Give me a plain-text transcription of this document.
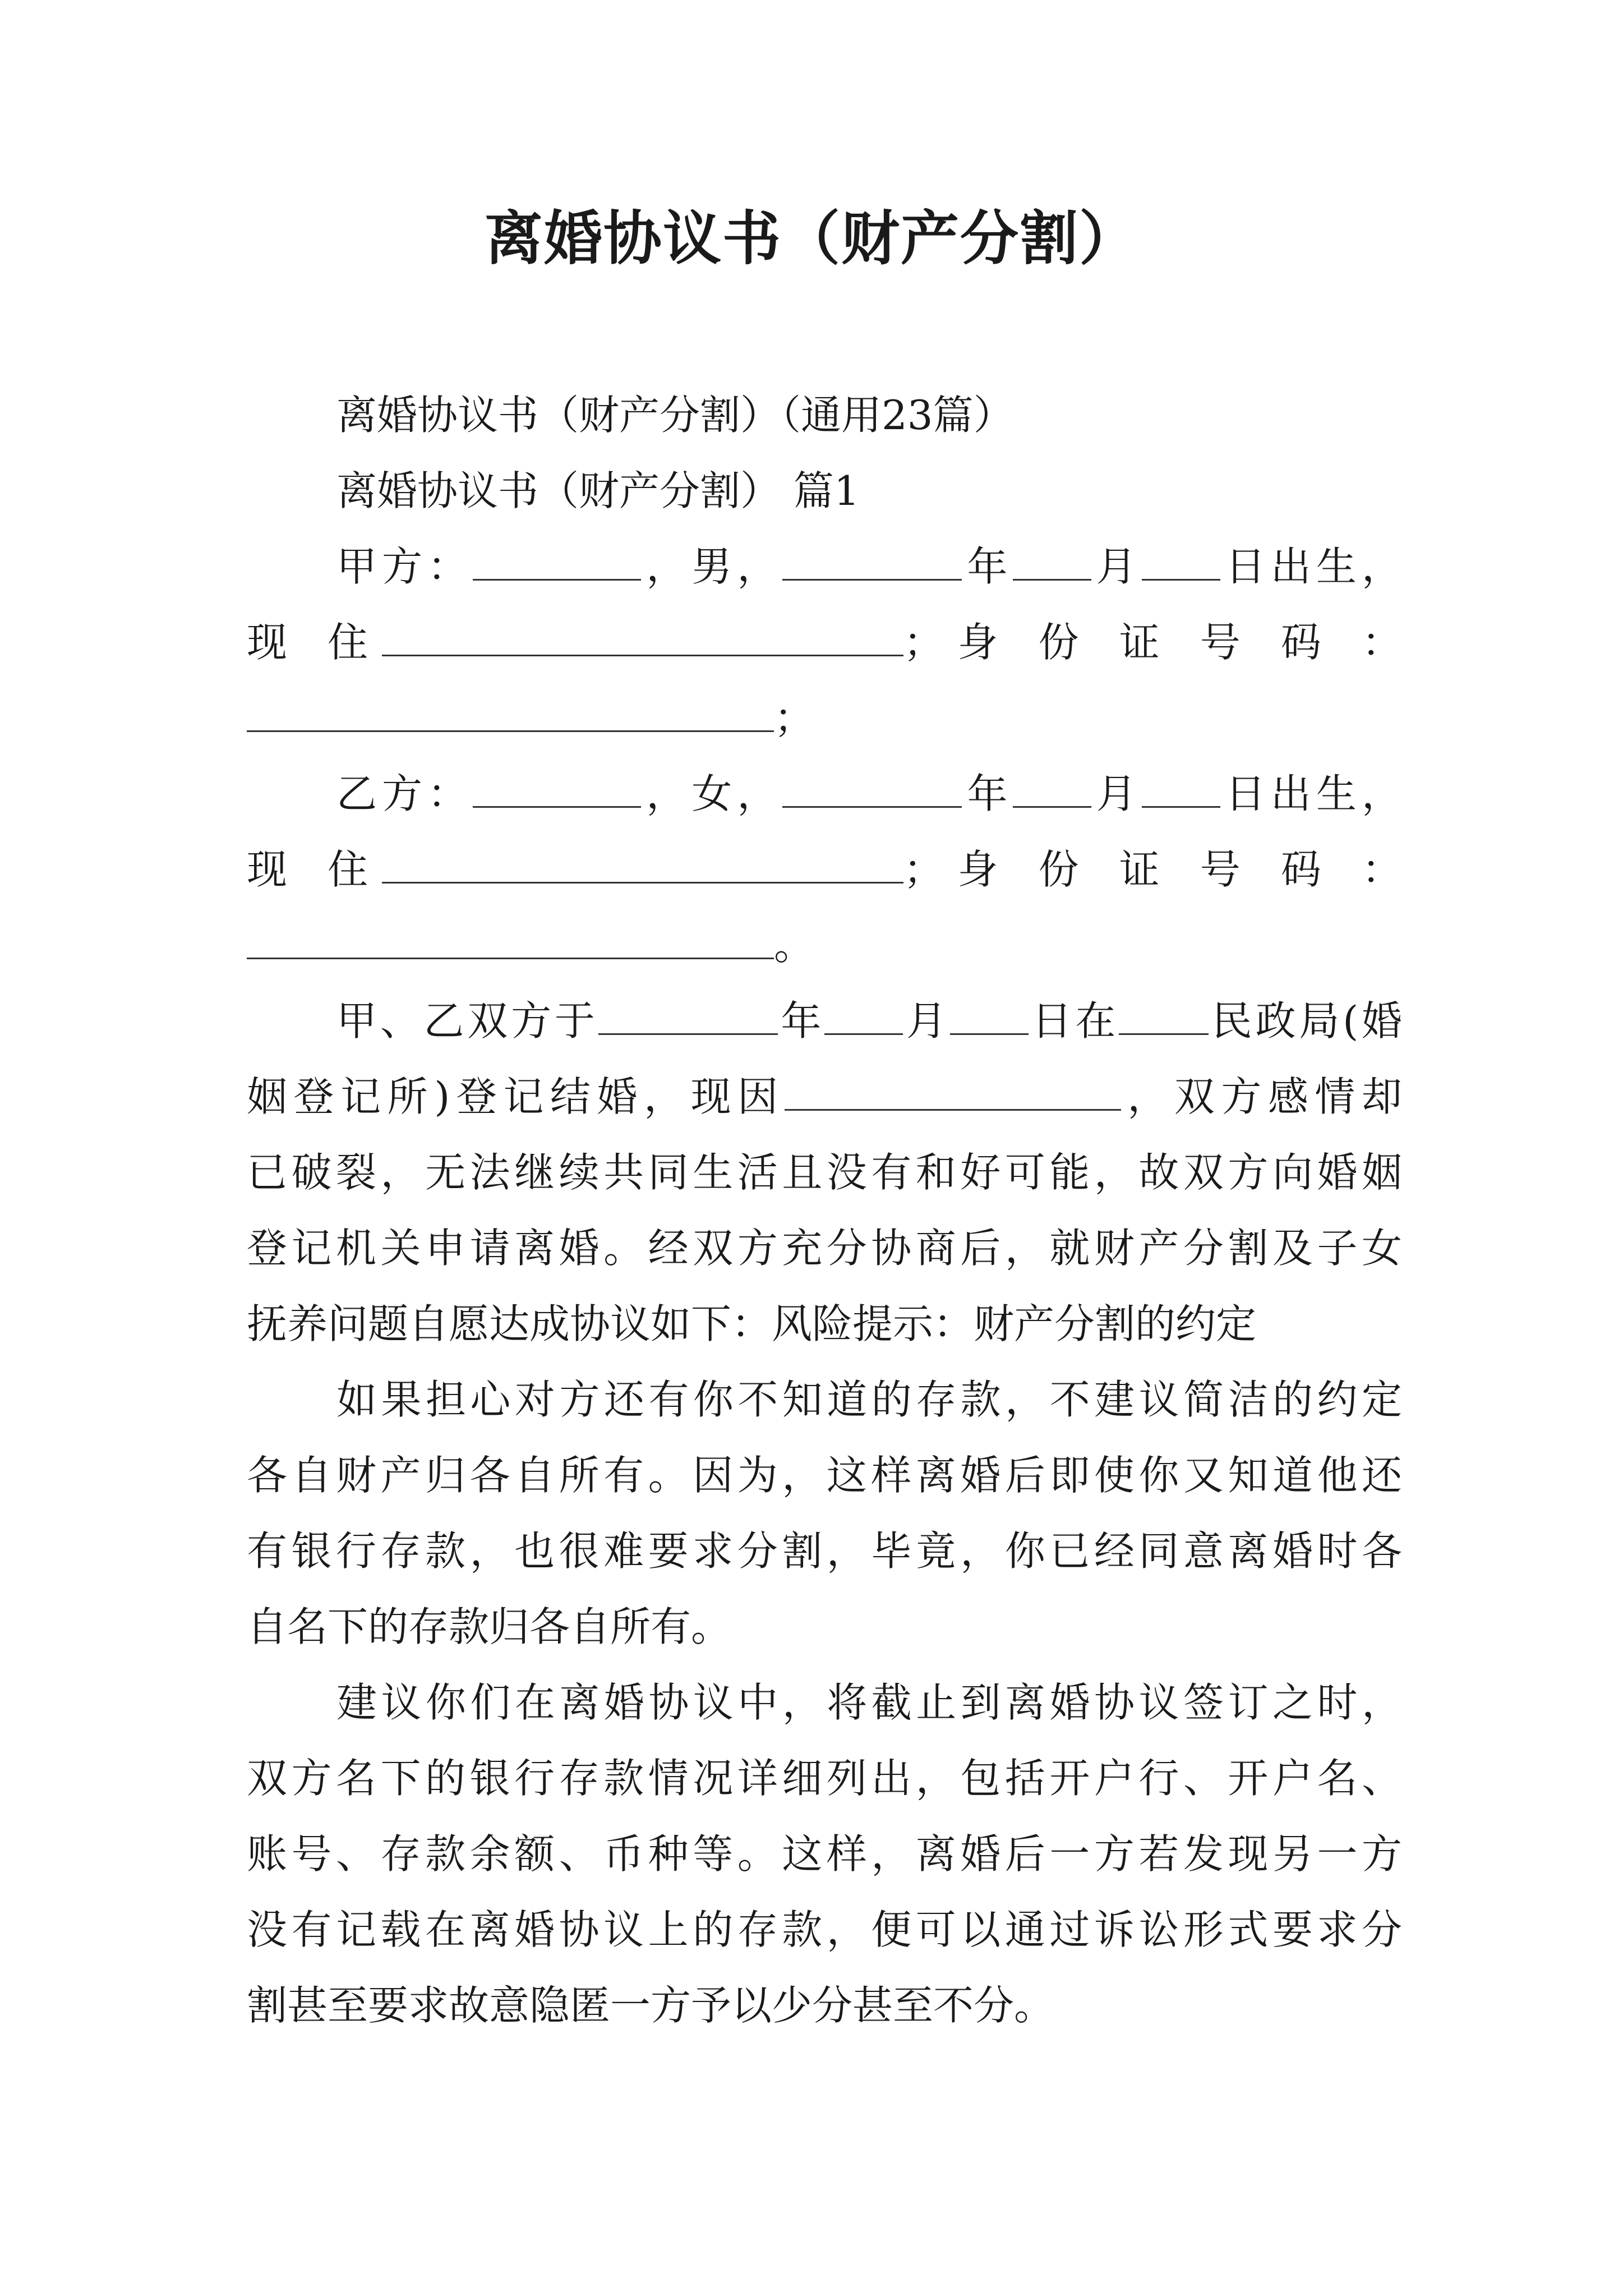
离婚协议书（财产分割）
离婚协议书（财产分割）（通用23篇）
离婚协议书（财产分割） 篇1
甲方：	，男，	年 月 日出生，
现 住	；身 份 证 号 码 ：
；
乙方：	，女，	年 月 日出生，
现 住	；身 份 证 号 码 ：
。
甲、乙双方于	年 月 日在 民政局(婚
姻登记所)登记结婚，现因	，双方感情却
已破裂，无法继续共同生活且没有和好可能，故双方向婚姻
登记机关申请离婚。经双方充分协商后，就财产分割及子女
抚养问题自愿达成协议如下：风险提示：财产分割的约定
如果担心对方还有你不知道的存款，不建议简洁的约定
各自财产归各自所有。因为，这样离婚后即使你又知道他还
有银行存款，也很难要求分割，毕竟，你已经同意离婚时各
自名下的存款归各自所有。
建议你们在离婚协议中，将截止到离婚协议签订之时，
双方名下的银行存款情况详细列出，包括开户行、开户名、
账号、存款余额、币种等。这样，离婚后一方若发现另一方
没有记载在离婚协议上的存款，便可以通过诉讼形式要求分
割甚至要求故意隐匿一方予以少分甚至不分。
